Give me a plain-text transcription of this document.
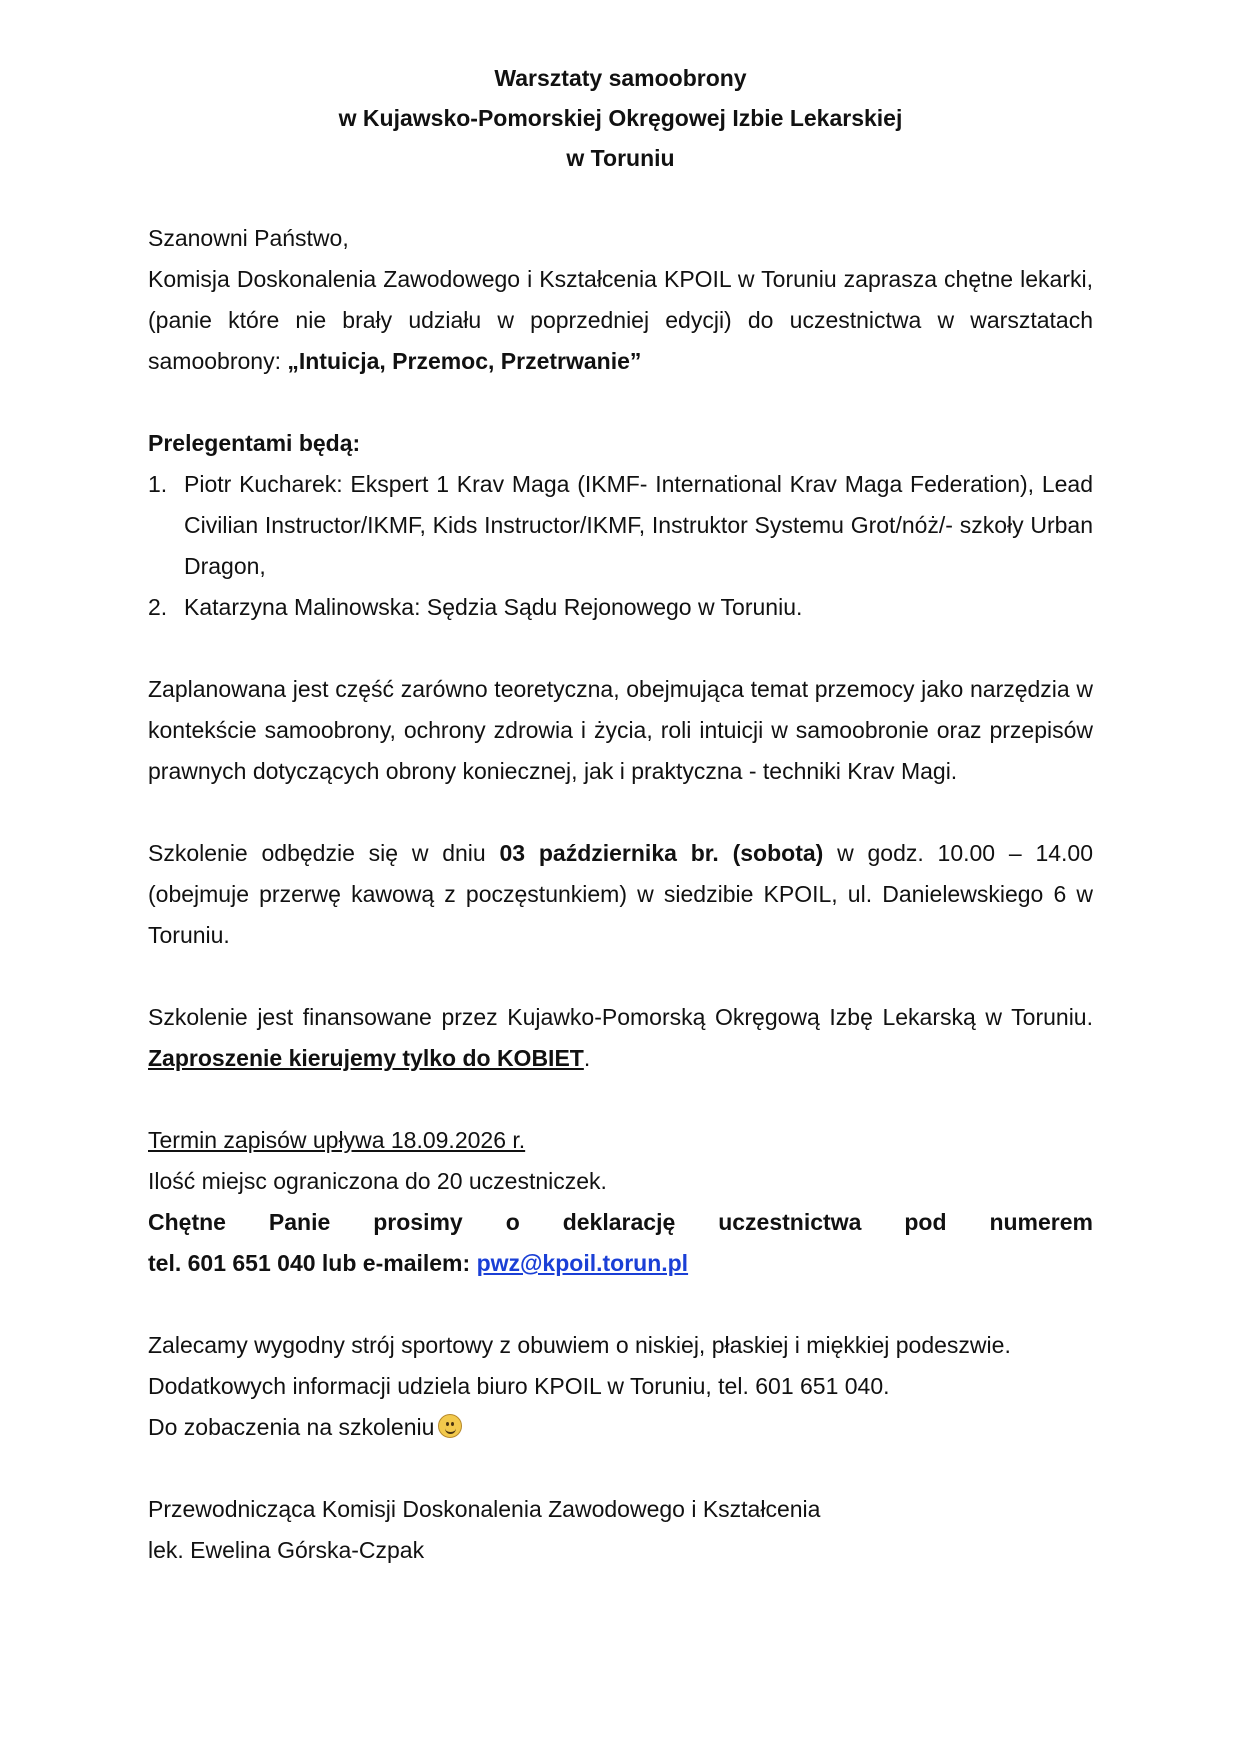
Warsztaty samoobrony
w Kujawsko-Pomorskiej Okręgowej Izbie Lekarskiej
w Toruniu

Szanowni Państwo,

Komisja Doskonalenia Zawodowego i Kształcenia KPOIL w Toruniu zaprasza chętne lekarki, (panie które nie brały udziału w poprzedniej edycji) do uczestnictwa w warsztatach samoobrony: „Intuicja, Przemoc, Przetrwanie”

Prelegentami będą:

1. Piotr Kucharek: Ekspert 1 Krav Maga (IKMF- International Krav Maga Federation), Lead Civilian Instructor/IKMF, Kids Instructor/IKMF, Instruktor Systemu Grot/nóż/- szkoły Urban Dragon,
2. Katarzyna Malinowska: Sędzia Sądu Rejonowego w Toruniu.

Zaplanowana jest część zarówno teoretyczna, obejmująca temat przemocy jako narzędzia w kontekście samoobrony, ochrony zdrowia i życia, roli intuicji w samoobronie oraz przepisów prawnych dotyczących obrony koniecznej, jak i praktyczna - techniki Krav Magi.

Szkolenie odbędzie się w dniu 03 października br. (sobota) w godz. 10.00 – 14.00 (obejmuje przerwę kawową z poczęstunkiem) w siedzibie KPOIL, ul. Danielewskiego 6 w Toruniu.

Szkolenie jest finansowane przez Kujawko-Pomorską Okręgową Izbę Lekarską w Toruniu. Zaproszenie kierujemy tylko do KOBIET.

Termin zapisów upływa 18.09.2026 r.

Ilość miejsc ograniczona do 20 uczestniczek.

Chętne Panie prosimy o deklarację uczestnictwa pod numerem

tel. 601 651 040 lub e-mailem: pwz@kpoil.torun.pl

Zalecamy wygodny strój sportowy z obuwiem o niskiej, płaskiej i miękkiej podeszwie.

Dodatkowych informacji udziela biuro KPOIL w Toruniu, tel. 601 651 040.

Do zobaczenia na szkoleniu

Przewodnicząca Komisji Doskonalenia Zawodowego i Kształcenia

lek. Ewelina Górska-Czpak
